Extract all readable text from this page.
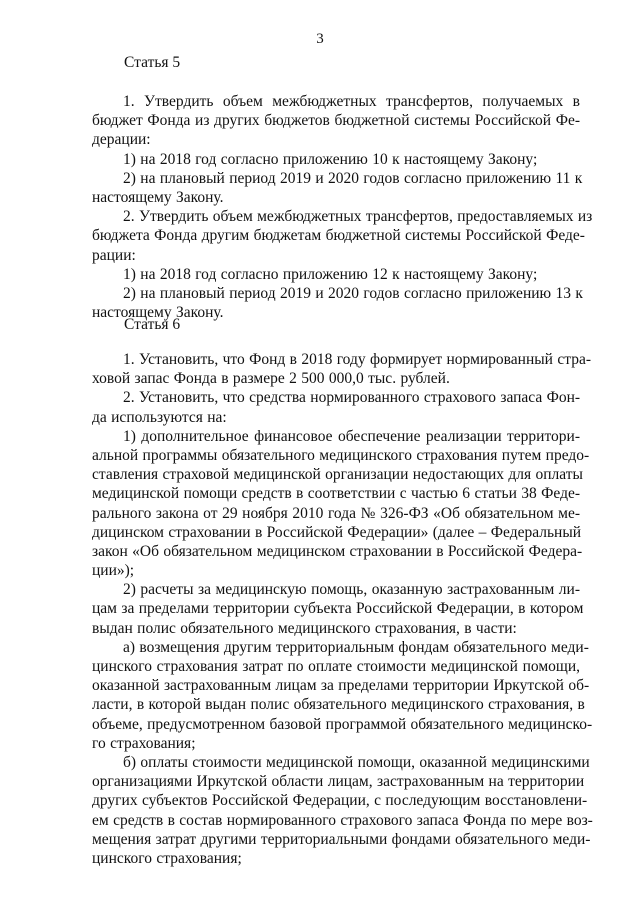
3
Статья 5
1. Утвердить объем межбюджетных трансфертов, получаемых в
бюджет Фонда из других бюджетов бюджетной системы Российской Фе-
дерации:
1) на 2018 год согласно приложению 10 к настоящему Закону;
2) на плановый период 2019 и 2020 годов согласно приложению 11 к
настоящему Закону.
2. Утвердить объем межбюджетных трансфертов, предоставляемых из
бюджета Фонда другим бюджетам бюджетной системы Российской Феде-
рации:
1) на 2018 год согласно приложению 12 к настоящему Закону;
2) на плановый период 2019 и 2020 годов согласно приложению 13 к
настоящему Закону.
Статья 6
1. Установить, что Фонд в 2018 году формирует нормированный стра-
ховой запас Фонда в размере 2 500 000,0 тыс. рублей.
2. Установить, что средства нормированного страхового запаса Фон-
да используются на:
1) дополнительное финансовое обеспечение реализации территори-
альной программы обязательного медицинского страхования путем предо-
ставления страховой медицинской организации недостающих для оплаты
медицинской помощи средств в соответствии с частью 6 статьи 38 Феде-
рального закона от 29 ноября 2010 года № 326-ФЗ «Об обязательном ме-
дицинском страховании в Российской Федерации» (далее – Федеральный
закон «Об обязательном медицинском страховании в Российской Федера-
ции»);
2) расчеты за медицинскую помощь, оказанную застрахованным ли-
цам за пределами территории субъекта Российской Федерации, в котором
выдан полис обязательного медицинского страхования, в части:
а) возмещения другим территориальным фондам обязательного меди-
цинского страхования затрат по оплате стоимости медицинской помощи,
оказанной застрахованным лицам за пределами территории Иркутской об-
ласти, в которой выдан полис обязательного медицинского страхования, в
объеме, предусмотренном базовой программой обязательного медицинско-
го страхования;
б) оплаты стоимости медицинской помощи, оказанной медицинскими
организациями Иркутской области лицам, застрахованным на территории
других субъектов Российской Федерации, с последующим восстановлени-
ем средств в состав нормированного страхового запаса Фонда по мере воз-
мещения затрат другими территориальными фондами обязательного меди-
цинского страхования;
